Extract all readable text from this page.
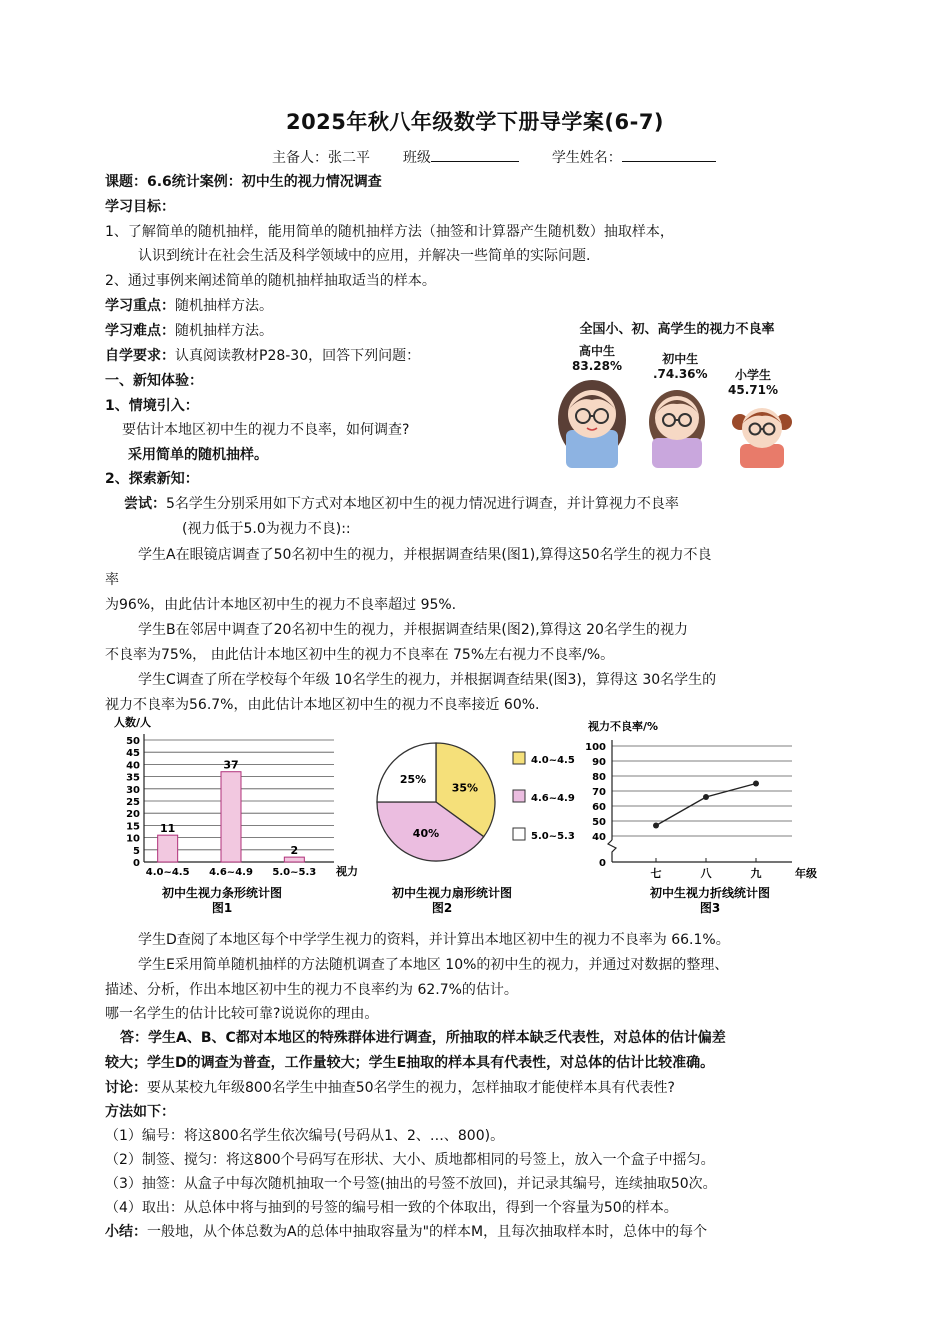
2025年秋八年级数学下册导学案(6-7)
主备人：张二平 班级	学生姓名：
课题：6.6统计案例：初中生的视力情况调查
学习目标：
1、了解简单的随机抽样，能用简单的随机抽样方法（抽签和计算器产生随机数）抽取样本，
认识到统计在社会生活及科学领域中的应用，并解决一些简单的实际问题.
2、通过事例来阐述简单的随机抽样抽取适当的样本。
学习重点：随机抽样方法。
学习难点：随机抽样方法。
自学要求：认真阅读教材P28-30，回答下列问题：
一、新知体验：
1、情境引入：
要估计本地区初中生的视力不良率，如何调查?
采用简单的随机抽样。
2、探索新知：
全国小、初、高学生的视力不良率
高中生
83.28%	初中生
.74.36%	小学生
45.71%
尝试：5名学生分别采用如下方式对本地区初中生的视力情况进行调查，并计算视力不良率
(视力低于5.0为视力不良)::
学生A在眼镜店调查了50名初中生的视力，并根据调查结果(图1),算得这50名学生的视力不良
率
为96%，由此估计本地区初中生的视力不良率超过 95%.
学生B在邻居中调查了20名初中生的视力，并根据调查结果(图2),算得这 20名学生的视力
不良率为75%， 由此估计本地区初中生的视力不良率在 75%左右视力不良率/%。
学生C调查了所在学校每个年级 10名学生的视力，并根据调查结果(图3)，算得这 30名学生的
视力不良率为56.7%，由此估计本地区初中生的视力不良率接近 60%.
人数/人
0
5
10
15
20
25
30
35
40
45
50
11
4.0~4.5
37
4.6~4.9
2
5.0~5.3 视力
初中生视力条形统计图
图1
35%
40%
25%
4.0~4.5
4.6~4.9
5.0~5.3
初中生视力扇形统计图
图2
视力不良率/%
0
40
50
60
70
80
90
100
七	八	九	年级
初中生视力折线统计图
图3
学生D查阅了本地区每个中学学生视力的资料，并计算出本地区初中生的视力不良率为 66.1%。
学生E采用简单随机抽样的方法随机调查了本地区 10%的初中生的视力，并通过对数据的整理、
描述、分析，作出本地区初中生的视力不良率约为 62.7%的估计。
哪一名学生的估计比较可靠?说说你的理由。
答：学生A、B、C都对本地区的特殊群体进行调查，所抽取的样本缺乏代表性，对总体的估计偏差
较大；学生D的调查为普查，工作量较大；学生E抽取的样本具有代表性，对总体的估计比较准确。
讨论：要从某校九年级800名学生中抽查50名学生的视力，怎样抽取才能使样本具有代表性?
方法如下：
（1）编号：将这800名学生依次编号(号码从1、2、…、800)。
（2）制签、搅匀：将这800个号码写在形状、大小、质地都相同的号签上，放入一个盒子中摇匀。
（3）抽签：从盒子中每次随机抽取一个号签(抽出的号签不放回)，并记录其编号，连续抽取50次。
（4）取出：从总体中将与抽到的号签的编号相一致的个体取出，得到一个容量为50的样本。
小结：一般地，从个体总数为A的总体中抽取容量为"的样本M，且每次抽取样本时，总体中的每个
